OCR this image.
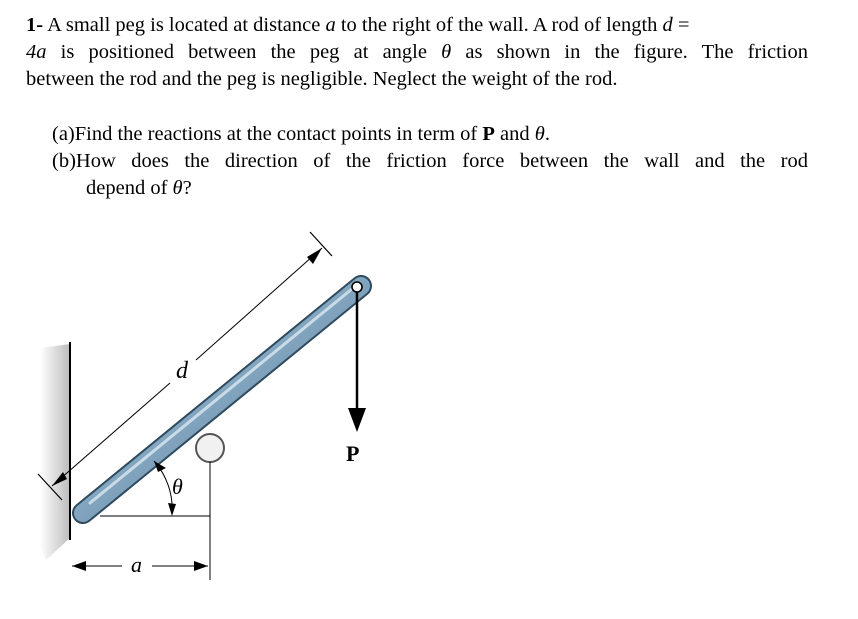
1- A small peg is located at distance a to the right of the wall. A rod of length d =
4a is positioned between the peg at angle θ as shown in the figure. The friction
between the rod and the peg is negligible. Neglect the weight of the rod.
(a) Find the reactions at the contact points in term of P and θ.
(b) How does the direction of the friction force between the wall and the rod
depend of θ?
d
P
θ
a
